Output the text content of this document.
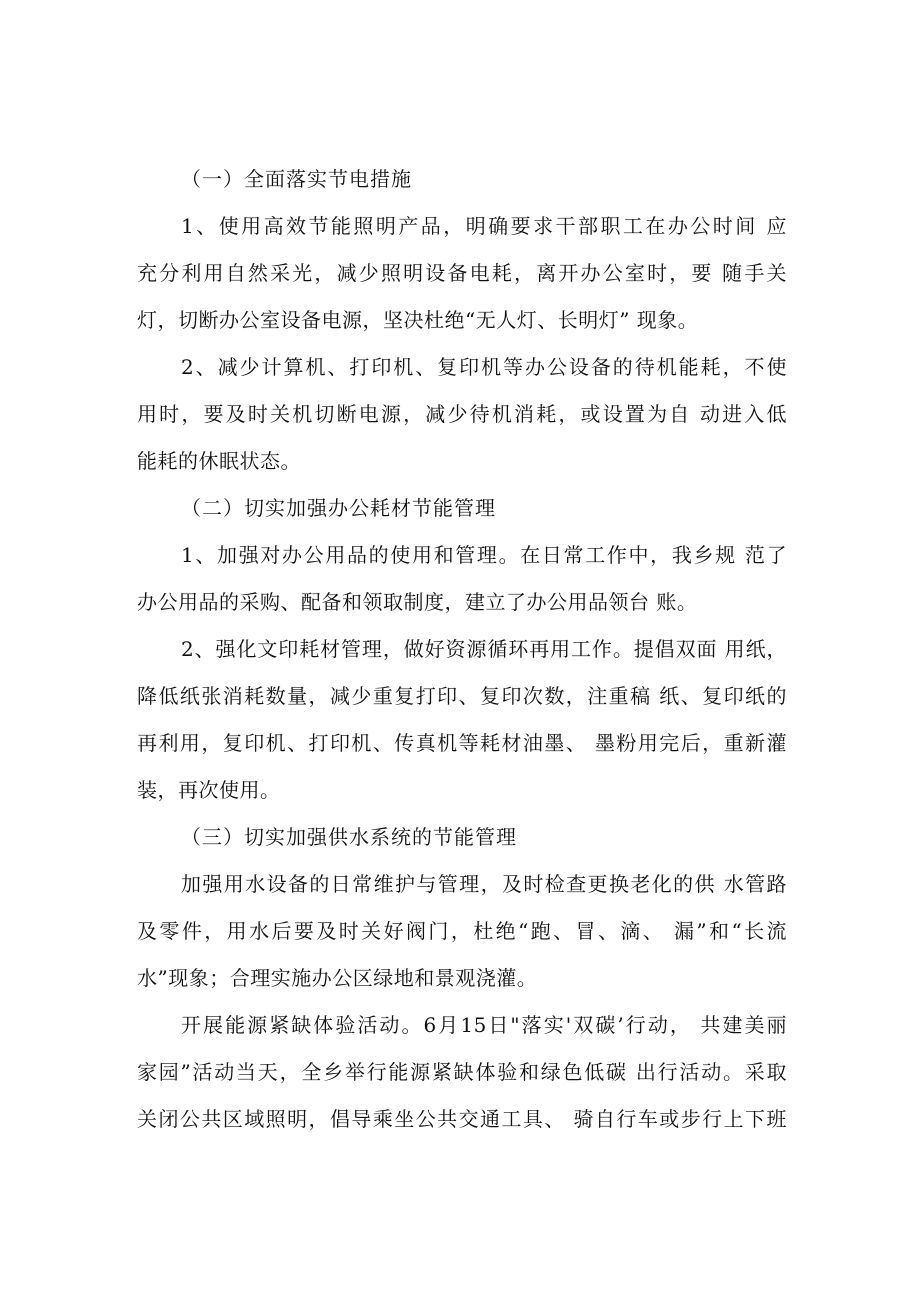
（一）全面落实节电措施
1、使用高效节能照明产品，明确要求干部职工在办公时间 应
充分利用自然采光，减少照明设备电耗，离开办公室时，要 随手关
灯，切断办公室设备电源，坚决杜绝“无人灯、长明灯” 现象。
2、减少计算机、打印机、复印机等办公设备的待机能耗，不使
用时，要及时关机切断电源，减少待机消耗，或设置为自 动进入低
能耗的休眠状态。
（二）切实加强办公耗材节能管理
1、加强对办公用品的使用和管理。在日常工作中，我乡规 范了
办公用品的采购、配备和领取制度，建立了办公用品领台 账。
2、强化文印耗材管理，做好资源循环再用工作。提倡双面 用纸，
降低纸张消耗数量，减少重复打印、复印次数，注重稿 纸、复印纸的
再利用，复印机、打印机、传真机等耗材油墨、 墨粉用完后，重新灌
装，再次使用。
（三）切实加强供水系统的节能管理
加强用水设备的日常维护与管理，及时检查更换老化的供 水管路
及零件，用水后要及时关好阀门，杜绝“跑、冒、滴、 漏”和“长流
水”现象；合理实施办公区绿地和景观浇灌。
开展能源紧缺体验活动。6月15日"落实'双碳’行动， 共建美丽
家园”活动当天，全乡举行能源紧缺体验和绿色低碳 出行活动。采取
关闭公共区域照明，倡导乘坐公共交通工具、 骑自行车或步行上下班
